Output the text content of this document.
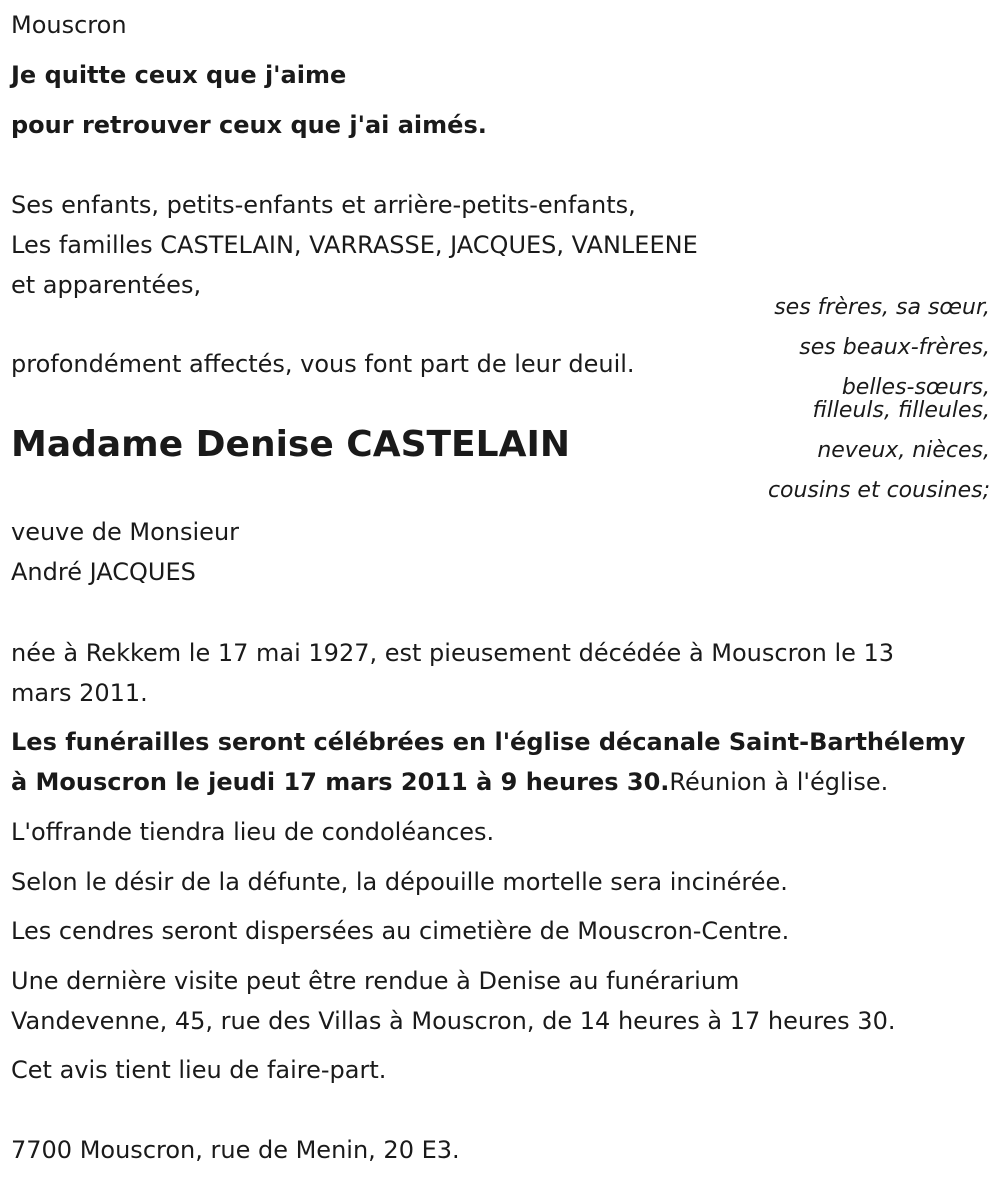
Mouscron
Je quitte ceux que j'aime
pour retrouver ceux que j'ai aimés.
Ses enfants, petits-enfants et arrière-petits-enfants,
Les familles CASTELAIN, VARRASSE, JACQUES, VANLEENE
et apparentées,
profondément affectés, vous font part de leur deuil.
ses frères, sa sœur,
ses beaux-frères,
belles-sœurs,
filleuls, filleules,
neveux, nièces,
cousins et cousines;
Madame Denise CASTELAIN
veuve de Monsieur
André JACQUES
née à Rekkem le 17 mai 1927, est pieusement décédée à Mouscron le 13
mars 2011.
Les funérailles seront célébrées en l'église décanale Saint-Barthélemy
à Mouscron le jeudi 17 mars 2011 à 9 heures 30.Réunion à l'église.
L'offrande tiendra lieu de condoléances.
Selon le désir de la défunte, la dépouille mortelle sera incinérée.
Les cendres seront dispersées au cimetière de Mouscron-Centre.
Une dernière visite peut être rendue à Denise au funérarium
Vandevenne, 45, rue des Villas à Mouscron, de 14 heures à 17 heures 30.
Cet avis tient lieu de faire-part.
7700 Mouscron, rue de Menin, 20 E3.
